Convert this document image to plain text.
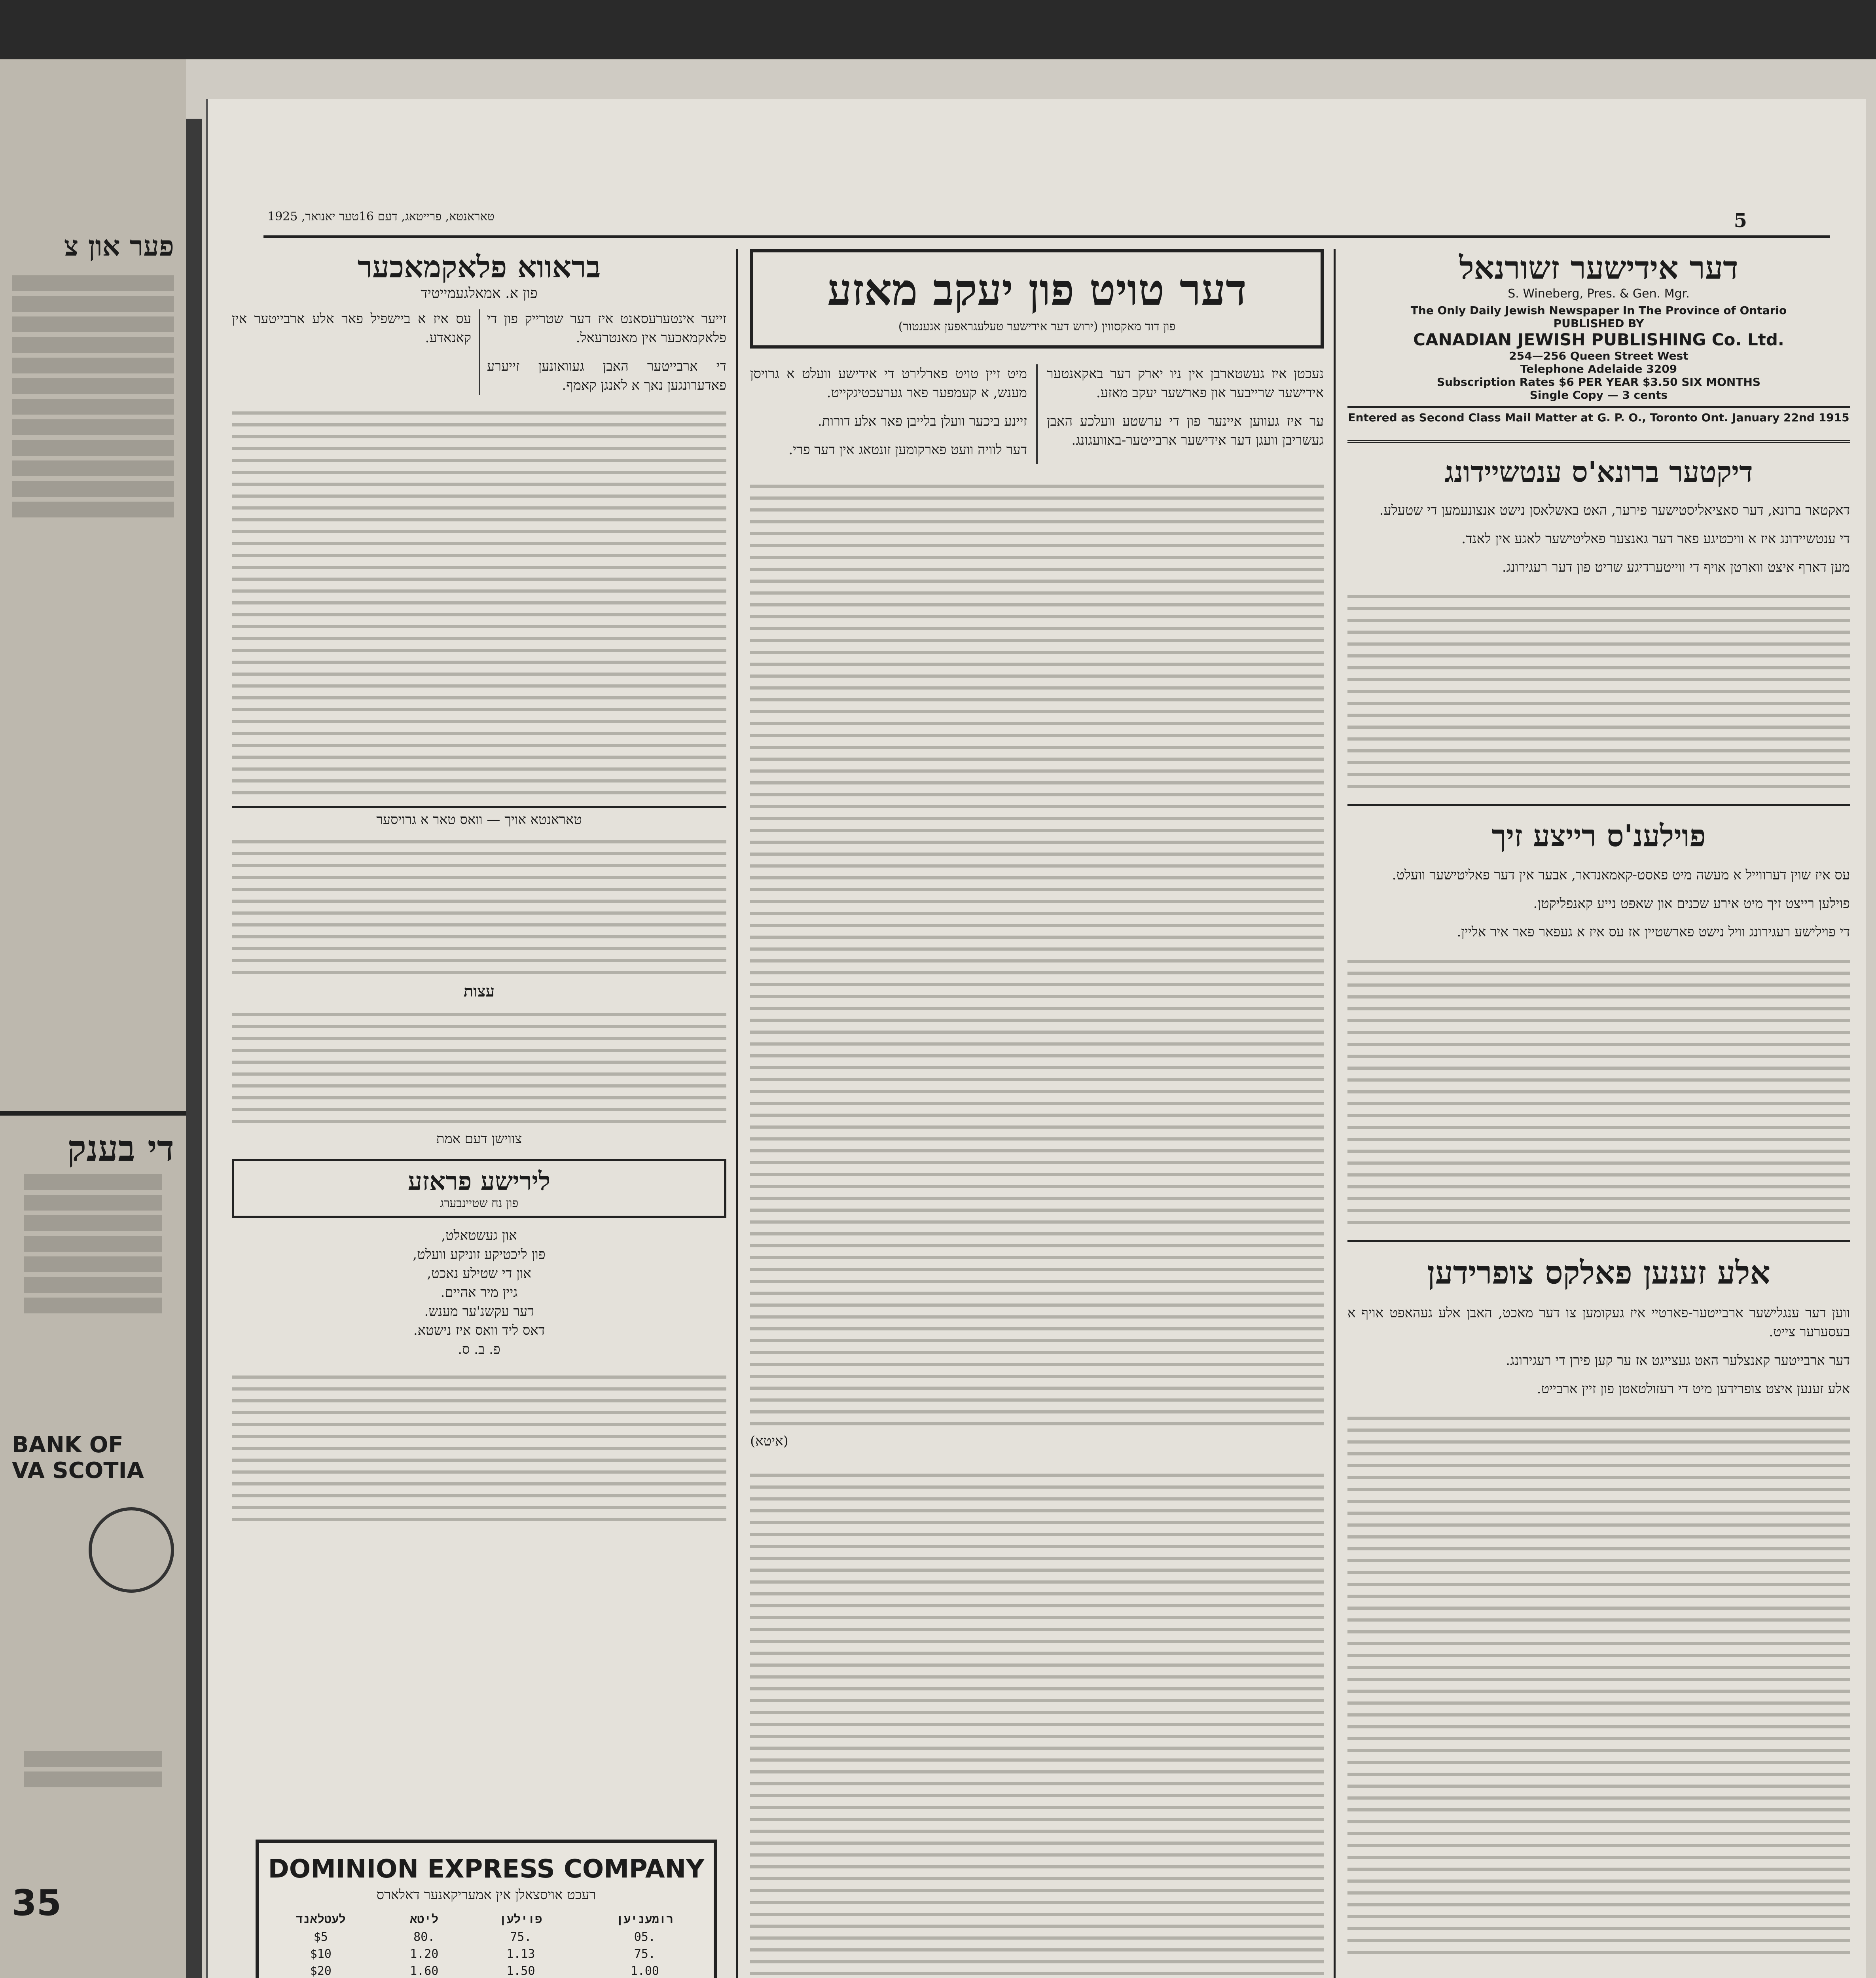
פער און צ
די בענק
BANK OF
VA SCOTIA
35
5
טאראנטא, פרייטאג, דעם 16טער יאנואר, 1925
דער אידישער זשורנאל
S. Wineberg, Pres. & Gen. Mgr.
The Only Daily Jewish Newspaper In The Province of Ontario
PUBLISHED BY
CANADIAN JEWISH PUBLISHING Co. Ltd.
254—256 Queen Street West
Telephone Adelaide 3209
Subscription Rates $6 PER YEAR $3.50 SIX MONTHS
Single Copy — 3 cents
Entered as Second Class Mail Matter at G. P. O., Toronto Ont. January 22nd 1915
דיקטער ברונא'ס ענטשיידונג

דאקטאר ברונא, דער סאציאליסטישער פירער, האט באשלאסן נישט אנצונעמען די שטעלע.

די ענטשיידונג איז א וויכטיגע פאר דער גאנצער פאליטישער לאגע אין לאנד.

מען דארף איצט ווארטן אויף די ווייטערדיגע שריט פון דער רעגירונג.

פוילענ'ס רייצע זיך

עס איז שוין דערווייל א מעשה מיט פאסט-קאמאנדאר, אבער אין דער פאליטישער וועלט.

פוילען רייצט זיך מיט אירע שכנים און שאפט נייע קאנפליקטן.

די פוילישע רעגירונג וויל נישט פארשטיין אז עס איז א געפאר פאר איר אליין.

אלע זענען פאלקס צופרידען

ווען דער ענגלישער ארבייטער-פארטיי איז געקומען צו דער מאכט, האבן אלע געהאפט אויף א בעסערער צייט.

דער ארבייטער קאנצלער האט געצייגט אז ער קען פירן די רעגירונג.

אלע זענען איצט צופרידען מיט די רעזולטאטן פון זיין ארבייט.

דער טויט פון יעקב מאזע
פון דוד מאקסווין (ירוש דער אידישער טעלעגראפען אגענטור)

נעכטן איז געשטארבן אין ניו יארק דער באקאנטער אידישער שרייבער און פארשער יעקב מאזע.

ער איז געווען איינער פון די ערשטע וועלכע האבן געשריבן וועגן דער אידישער ארבייטער-באוועגונג.

מיט זיין טויט פארלירט די אידישע וועלט א גרויסן מענש, א קעמפער פאר גערעכטיגקייט.

זיינע ביכער וועלן בלייבן פאר אלע דורות.

דער לוויה וועט פארקומען זונטאג אין דער פרי.

(איטא)
בראווא פלאקמאכער
פון א. אמאלגעמייטיד

זייער אינטערעסאנט איז דער שטרייק פון די פלאקמאכער אין מאנטרעאל.

די ארבייטער האבן געוואונען זייערע פאדערונגען נאך א לאנגן קאמף.

עס איז א ביישפיל פאר אלע ארבייטער אין קאנאדע.

טאראנטא אויך — וואס טאר א גרויסער
עצות
צווישן דעם אמת
לירישע פראזע
פון נח שטיינבערג
און געשטאלט,
פון ליכטיקע זוניקע וועלט,
און די שטילע נאכט,
גיין מיר אהיים.
דער עקשנ'ער מענש.
דאס ליד וואס איז נישטא.
פ. ב. ס.
DOMINION EXPRESS COMPANY
רעכט אויסצאלן אין אמעריקאנער דאלארס
רומעניען	פוילען	ליטא	לעטלאנד
.05	.75	.80	$5
.75	1.13	1.20	$10
1.00	1.50	1.60	$20
